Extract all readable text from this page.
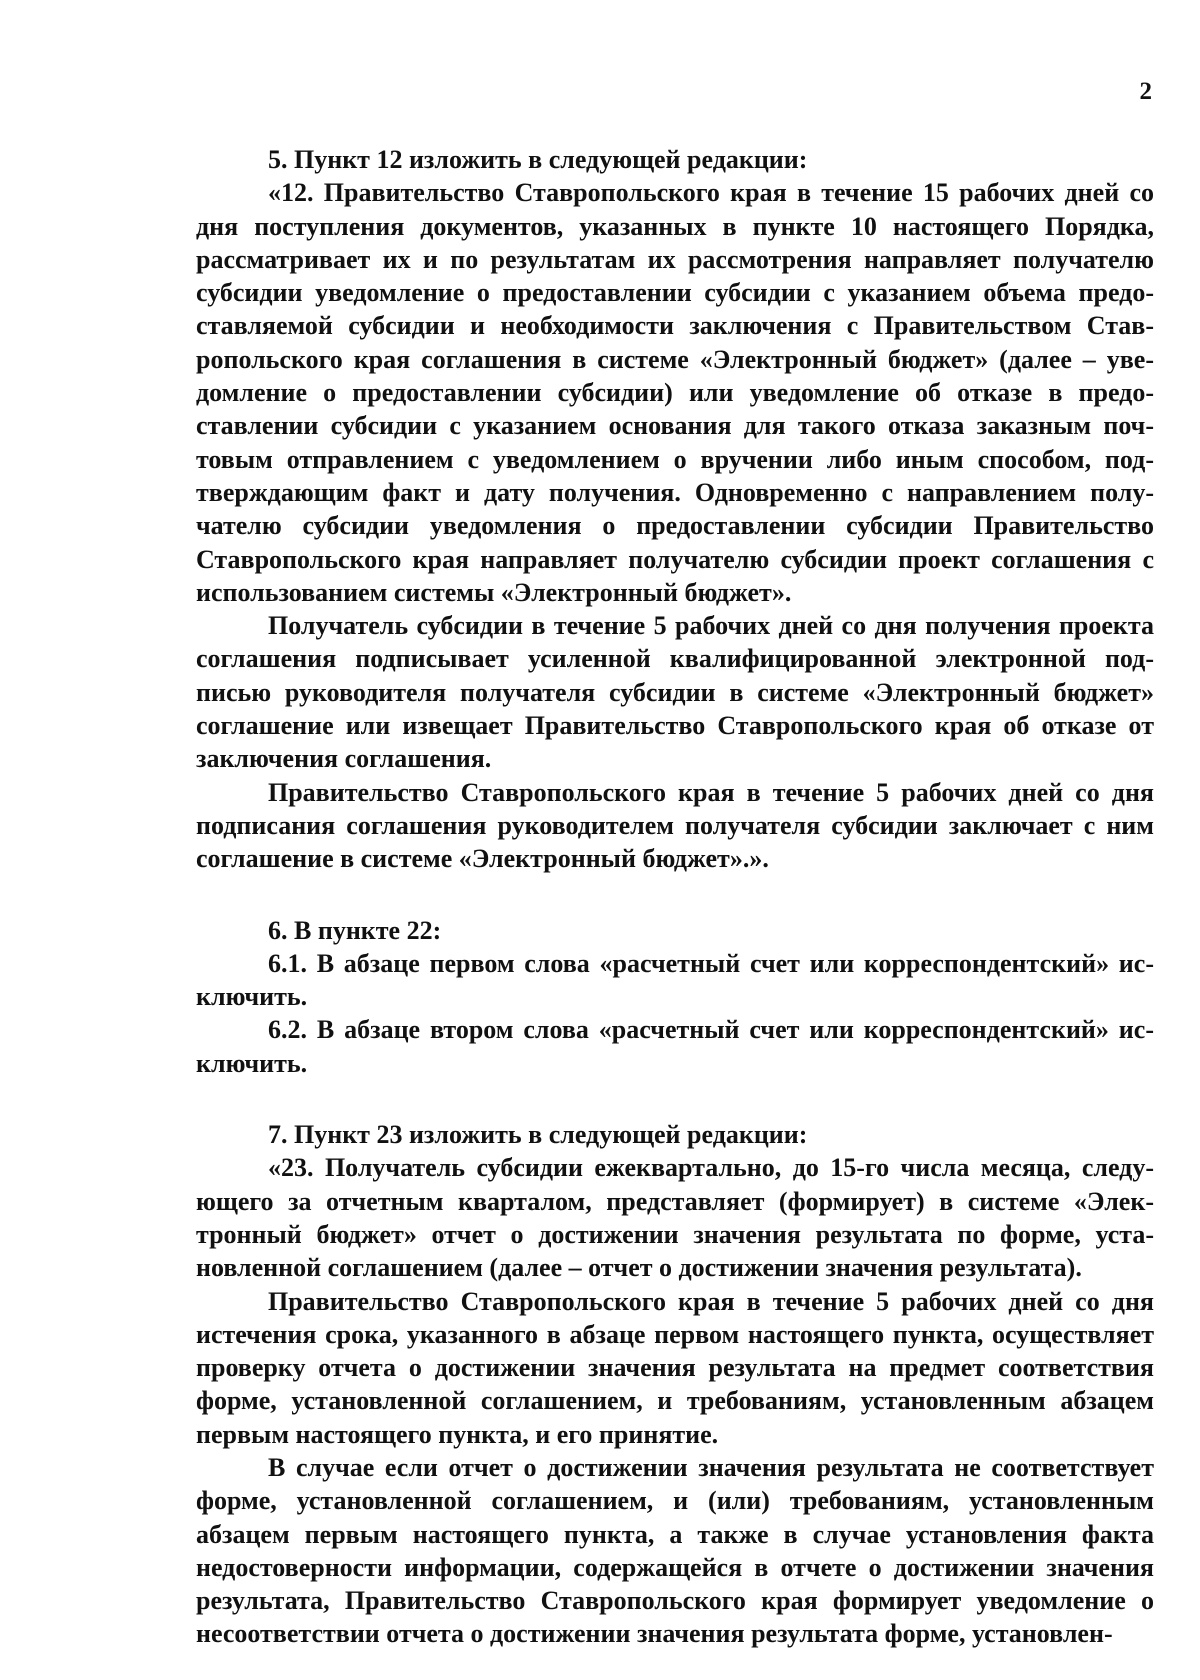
2

5. Пункт 12 изложить в следующей редакции:

«12. Правительство Ставропольского края в течение 15 рабочих дней со дня поступления документов, указанных в пункте 10 настоящего Порядка, рассматривает их и по результатам их рассмотрения направляет получателю субсидии уведомление о предоставлении субсидии с указанием объема предоставляемой субсидии и необходимости заключения с Правительством Ставропольского края соглашения в системе «Электронный бюджет» (далее – уведомление о предоставлении субсидии) или уведомление об отказе в предоставлении субсидии с указанием основания для такого отказа заказным почтовым отправлением с уведомлением о вручении либо иным способом, подтверждающим факт и дату получения. Одновременно с направлением получателю субсидии уведомления о предоставлении субсидии Правительство Ставропольского края направляет получателю субсидии проект соглашения с использованием системы «Электронный бюджет».

Получатель субсидии в течение 5 рабочих дней со дня получения проекта соглашения подписывает усиленной квалифицированной электронной подписью руководителя получателя субсидии в системе «Электронный бюджет» соглашение или извещает Правительство Ставропольского края об отказе от заключения соглашения.

Правительство Ставропольского края в течение 5 рабочих дней со дня подписания соглашения руководителем получателя субсидии заключает с ним соглашение в системе «Электронный бюджет».».

6. В пункте 22:

6.1. В абзаце первом слова «расчетный счет или корреспондентский» исключить.

6.2. В абзаце втором слова «расчетный счет или корреспондентский» исключить.

7. Пункт 23 изложить в следующей редакции:

«23. Получатель субсидии ежеквартально, до 15-го числа месяца, следующего за отчетным кварталом, представляет (формирует) в системе «Электронный бюджет» отчет о достижении значения результата по форме, установленной соглашением (далее – отчет о достижении значения результата).

Правительство Ставропольского края в течение 5 рабочих дней со дня истечения срока, указанного в абзаце первом настоящего пункта, осуществляет проверку отчета о достижении значения результата на предмет соответствия форме, установленной соглашением, и требованиям, установленным абзацем первым настоящего пункта, и его принятие.

В случае если отчет о достижении значения результата не соответствует форме, установленной соглашением, и (или) требованиям, установленным абзацем первым настоящего пункта, а также в случае установления факта недостоверности информации, содержащейся в отчете о достижении значения результата, Правительство Ставропольского края формирует уведомление о несоответствии отчета о достижении значения результата форме, установлен-
